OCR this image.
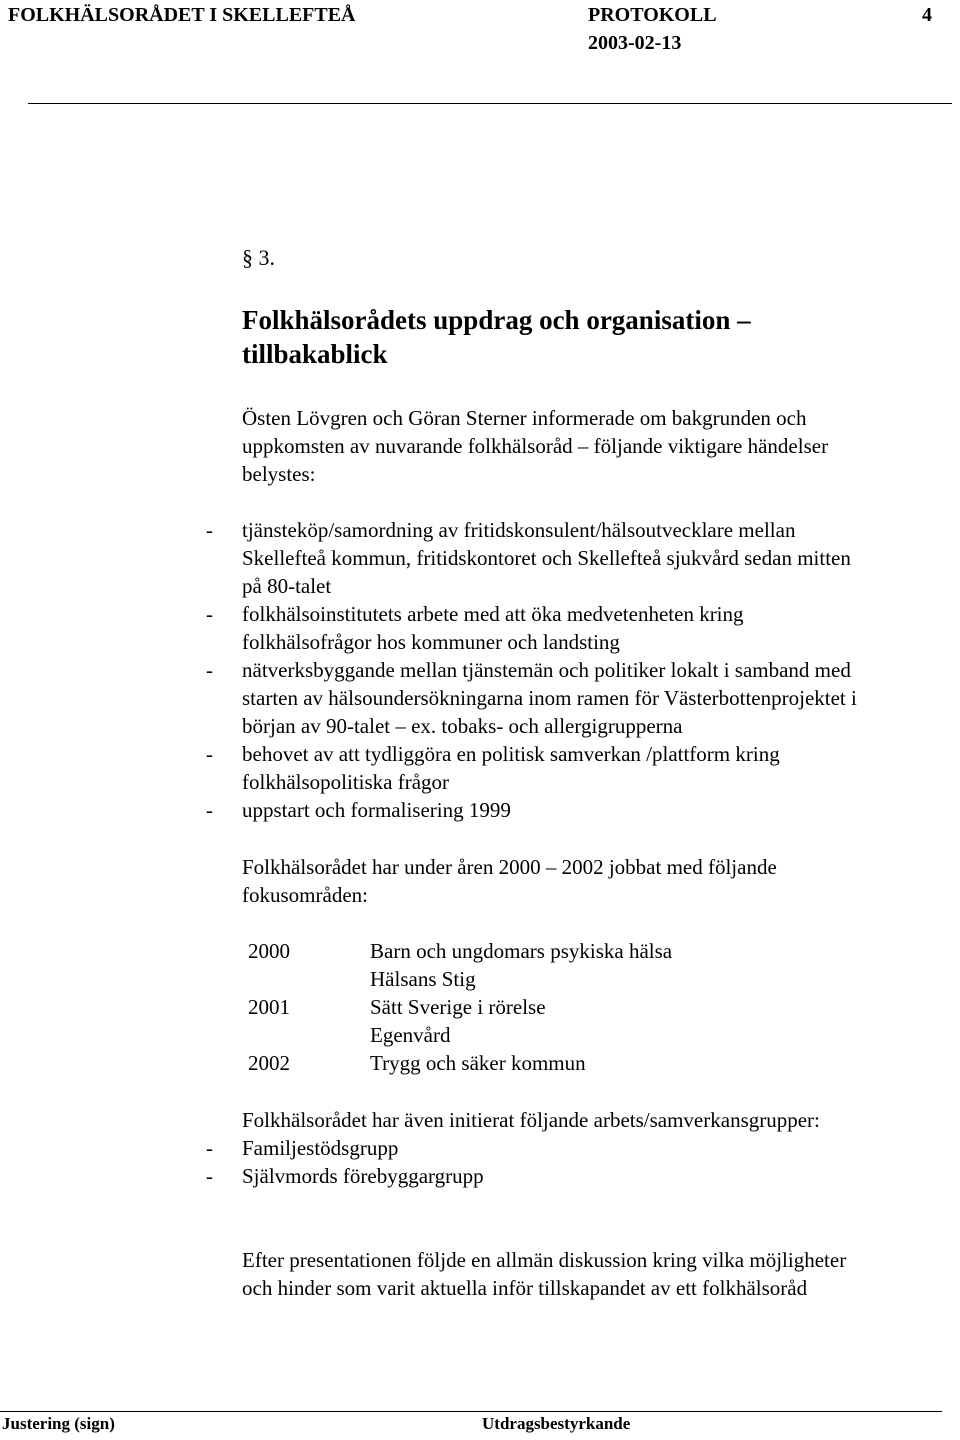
FOLKHÄLSORÅDET I SKELLEFTEÅ	PROTOKOLL	4
2003-02-13
§ 3.
Folkhälsorådets uppdrag och organisation –
tillbakablick
Östen Lövgren och Göran Sterner informerade om bakgrunden och
uppkomsten av nuvarande folkhälsoråd – följande viktigare händelser
belystes:
- tjänsteköp/samordning av fritidskonsulent/hälsoutvecklare mellan
Skellefteå kommun, fritidskontoret och Skellefteå sjukvård sedan mitten
på 80-talet
- folkhälsoinstitutets arbete med att öka medvetenheten kring
folkhälsofrågor hos kommuner och landsting
- nätverksbyggande mellan tjänstemän och politiker lokalt i samband med
starten av hälsoundersökningarna inom ramen för Västerbottenprojektet i
början av 90-talet – ex. tobaks- och allergigrupperna
- behovet av att tydliggöra en politisk samverkan /plattform kring
folkhälsopolitiska frågor
- uppstart och formalisering 1999
Folkhälsorådet har under åren 2000 – 2002 jobbat med följande
fokusområden:
2000	Barn och ungdomars psykiska hälsa
Hälsans Stig
2001	Sätt Sverige i rörelse
Egenvård
2002	Trygg och säker kommun
Folkhälsorådet har även initierat följande arbets/samverkansgrupper:
- Familjestödsgrupp
- Självmords förebyggargrupp
Efter presentationen följde en allmän diskussion kring vilka möjligheter
och hinder som varit aktuella inför tillskapandet av ett folkhälsoråd
Justering (sign)	Utdragsbestyrkande
